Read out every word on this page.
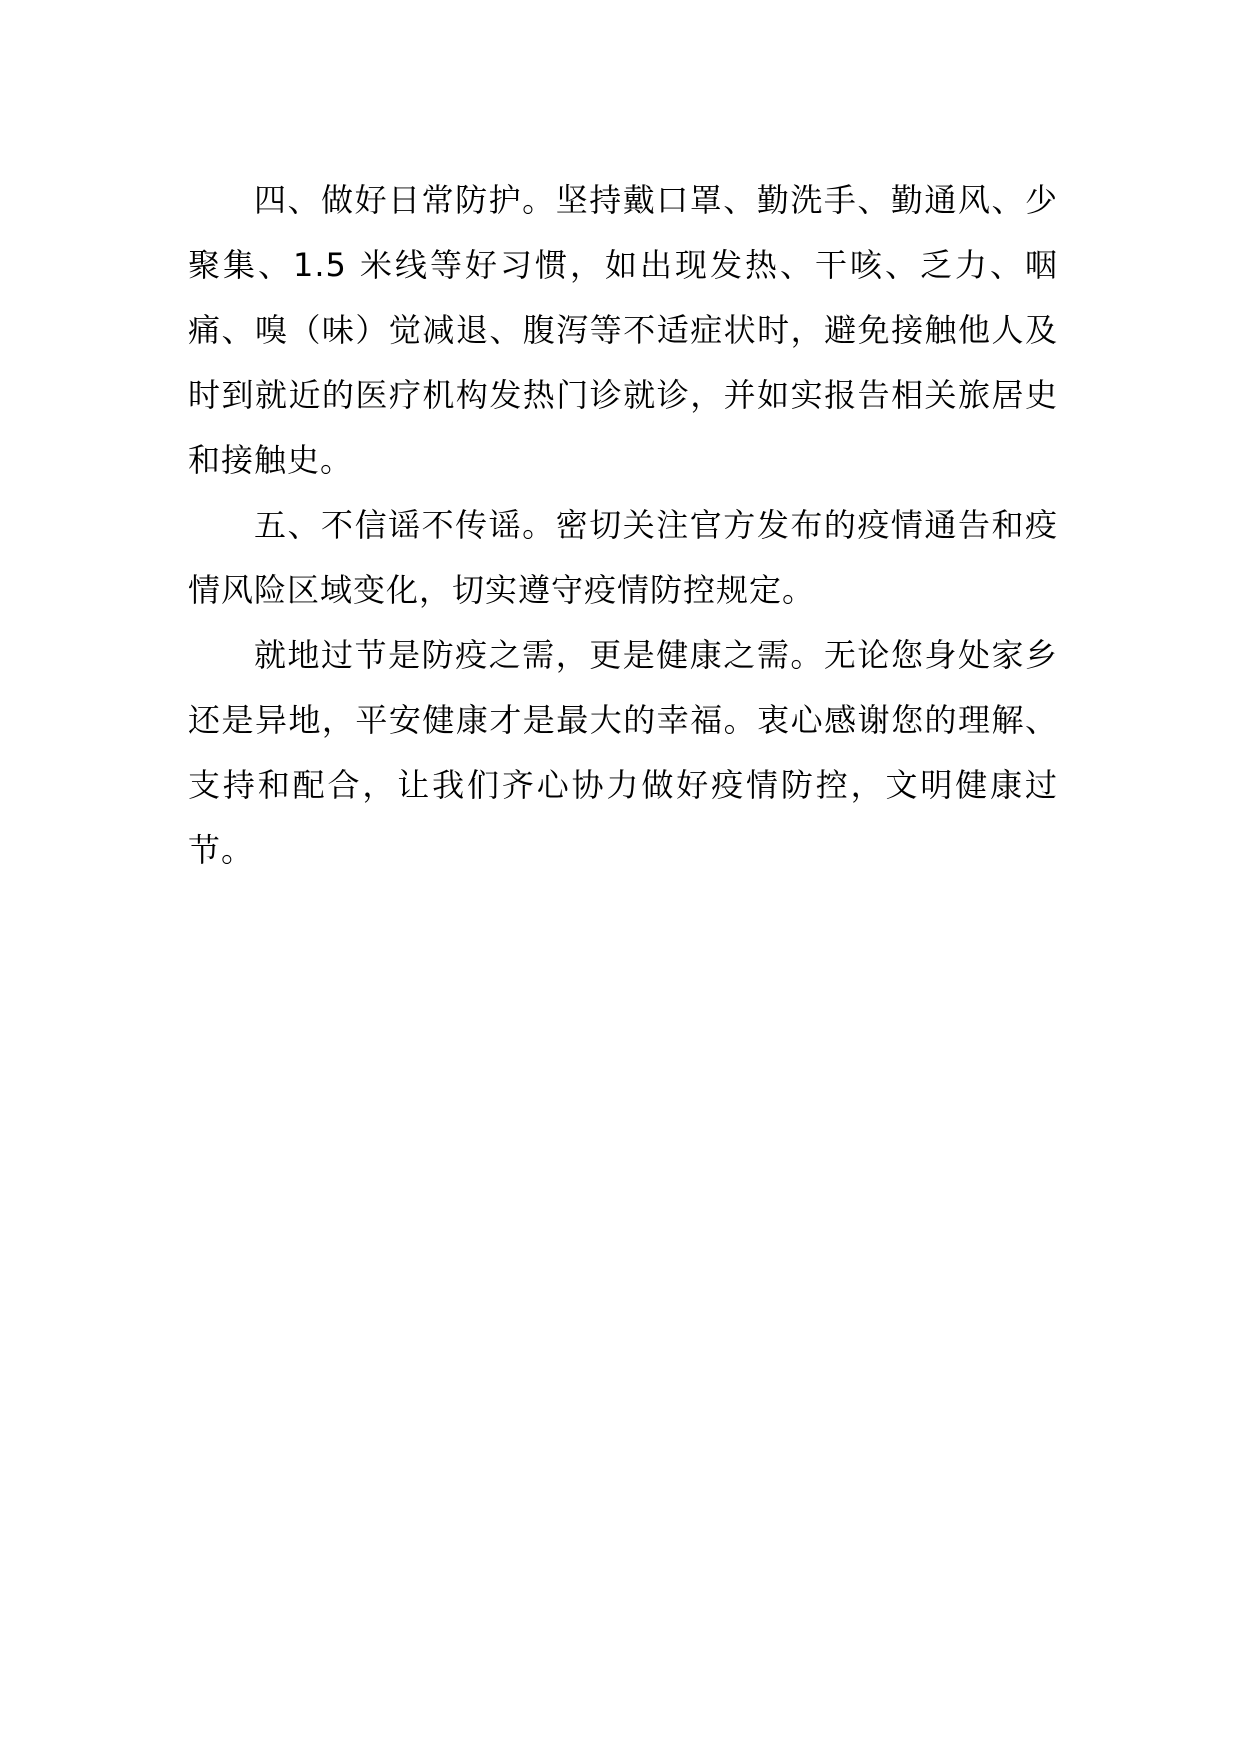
四、做好日常防护。坚持戴口罩、勤洗手、勤通风、少聚集、1.5 米线等好习惯，如出现发热、干咳、乏力、咽痛、嗅（味）觉减退、腹泻等不适症状时，避免接触他人及时到就近的医疗机构发热门诊就诊，并如实报告相关旅居史和接触史。

五、不信谣不传谣。密切关注官方发布的疫情通告和疫情风险区域变化，切实遵守疫情防控规定。

就地过节是防疫之需，更是健康之需。无论您身处家乡还是异地，平安健康才是最大的幸福。衷心感谢您的理解、支持和配合，让我们齐心协力做好疫情防控，文明健康过节。
